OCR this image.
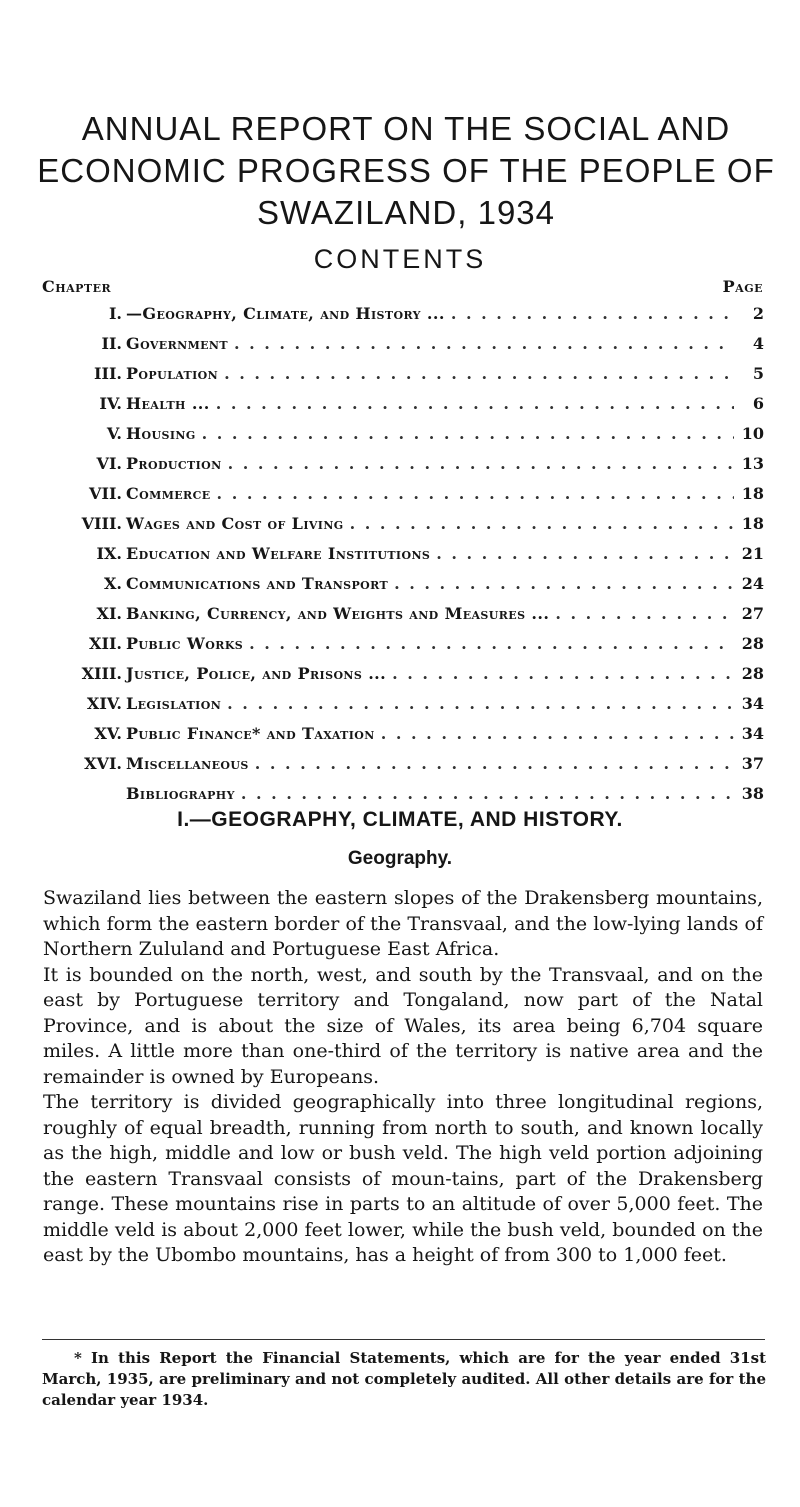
ANNUAL REPORT ON THE SOCIAL AND
ECONOMIC PROGRESS OF THE PEOPLE OF
SWAZILAND, 1934
CONTENTS
Chapter	Page
I. —Geography, Climate, and History ... . . .	2
II. Government . . .	4
III. Population . . .	5
IV. Health ... . . .	6
V. Housing . . .	10
VI. Production . . .	13
VII. Commerce . . .	18
VIII. Wages and Cost of Living . . .	18
IX. Education and Welfare Institutions . . .	21
X. Communications and Transport . . .	24
XI. Banking, Currency, and Weights and Measures ... . . .	27
XII. Public Works . . .	28
XIII. Justice, Police, and Prisons ... . . .	28
XIV. Legislation . . .	34
XV. Public Finance* and Taxation . . .	34
XVI. Miscellaneous . . .	37
Bibliography . . .	38
I.—GEOGRAPHY, CLIMATE, AND HISTORY.
Geography.

Swaziland lies between the eastern slopes of the Drakensberg mountains, which form the eastern border of the Transvaal, and the low-lying lands of Northern Zululand and Portuguese East Africa.

It is bounded on the north, west, and south by the Transvaal, and on the east by Portuguese territory and Tongaland, now part of the Natal Province, and is about the size of Wales, its area being 6,704 square miles. A little more than one-third of the territory is native area and the remainder is owned by Europeans.

The territory is divided geographically into three longitudinal regions, roughly of equal breadth, running from north to south, and known locally as the high, middle and low or bush veld. The high veld portion adjoining the eastern Transvaal consists of moun-tains, part of the Drakensberg range. These mountains rise in parts to an altitude of over 5,000 feet. The middle veld is about 2,000 feet lower, while the bush veld, bounded on the east by the Ubombo mountains, has a height of from 300 to 1,000 feet.

* In this Report the Financial Statements, which are for the year ended 31st March, 1935, are preliminary and not completely audited. All other details are for the calendar year 1934.
